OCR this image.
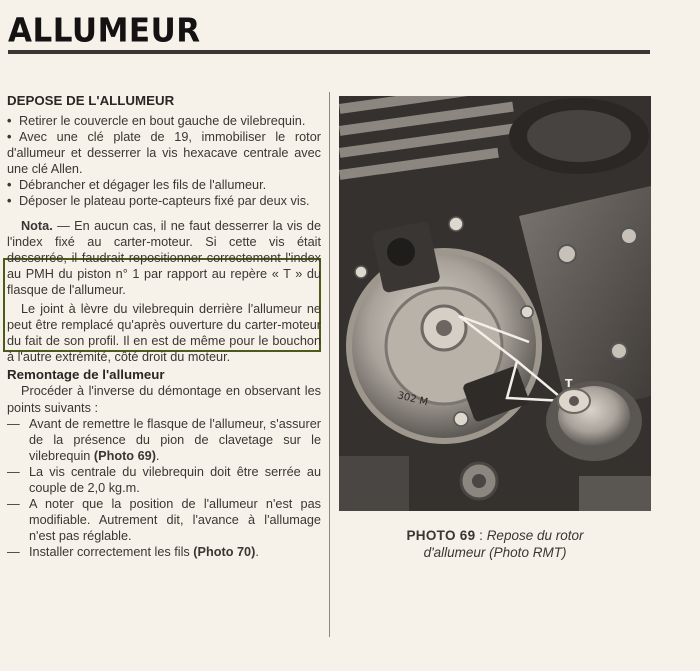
ALLUMEUR
DEPOSE DE L'ALLUMEUR

• Retirer le couvercle en bout gauche de vilebrequin.

• Avec une clé plate de 19, immobiliser le rotor d'allumeur et desserrer la vis hexacave centrale avec une clé Allen.

• Débrancher et dégager les fils de l'allumeur.

• Déposer le plateau porte-capteurs fixé par deux vis.

Nota. — En aucun cas, il ne faut desserrer la vis de l'index fixé au carter-moteur. Si cette vis était desserrée, il faudrait repositionner correctement l'index au PMH du piston n° 1 par rapport au repère « T » du flasque de l'allumeur.

Le joint à lèvre du vilebrequin derrière l'allumeur ne peut être remplacé qu'après ouverture du carter-moteur du fait de son profil. Il en est de même pour le bouchon à l'autre extrémité, côté droit du moteur.

Remontage de l'allumeur

Procéder à l'inverse du démontage en observant les points suivants :

— Avant de remettre le flasque de l'allumeur, s'assurer de la présence du pion de clavetage sur le vilebrequin (Photo 69).

— La vis centrale du vilebrequin doit être serrée au couple de 2,0 kg.m.

— A noter que la position de l'allumeur n'est pas modifiable. Autrement dit, l'avance à l'allumage n'est pas réglable.

— Installer correctement les fils (Photo 70).

302 M
T
PHOTO 69 : Repose du rotor
d'allumeur (Photo RMT)
